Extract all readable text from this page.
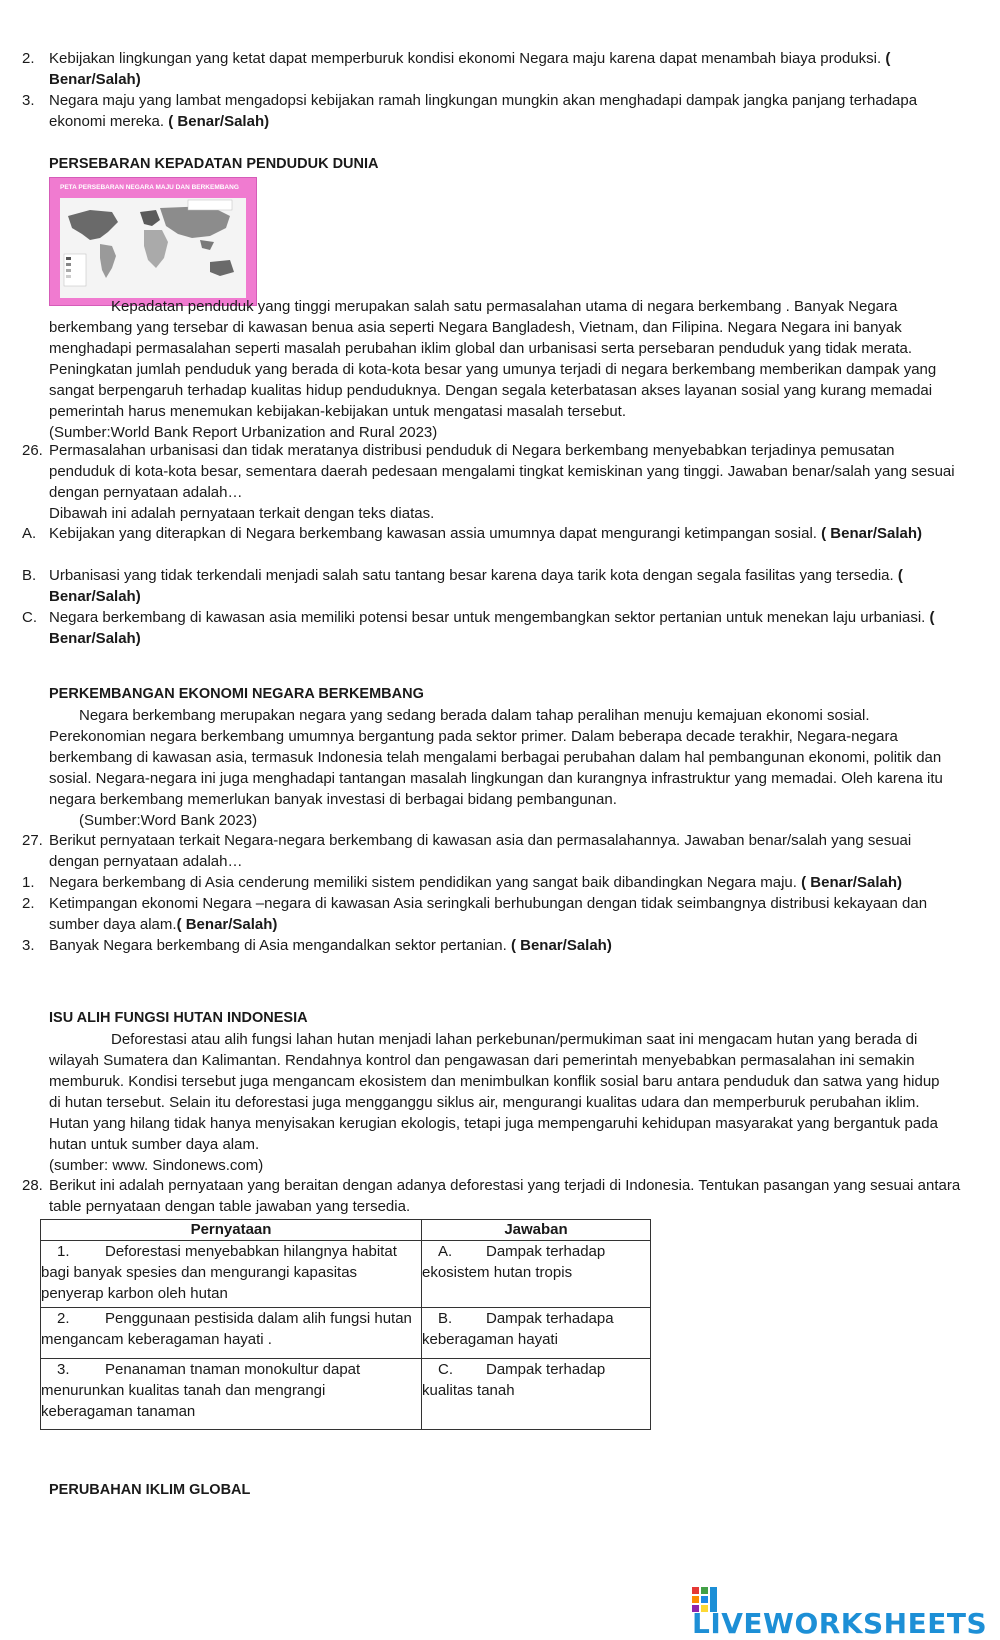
2. Kebijakan lingkungan yang ketat dapat memperburuk kondisi ekonomi Negara maju karena dapat menambah biaya produksi. ( Benar/Salah)
3. Negara maju yang lambat mengadopsi kebijakan ramah lingkungan mungkin akan menghadapi dampak jangka panjang terhadapa ekonomi mereka. ( Benar/Salah)
PERSEBARAN KEPADATAN PENDUDUK DUNIA
PETA PERSEBARAN NEGARA MAJU DAN BERKEMBANG
Kepadatan penduduk yang tinggi merupakan salah satu permasalahan utama di negara berkembang . Banyak Negara berkembang yang tersebar di kawasan benua asia seperti Negara Bangladesh, Vietnam, dan Filipina. Negara Negara ini banyak menghadapi permasalahan seperti masalah perubahan iklim global dan urbanisasi serta persebaran penduduk yang tidak merata. Peningkatan jumlah penduduk yang berada di kota-kota besar yang umunya terjadi di negara berkembang memberikan dampak yang sangat berpengaruh terhadap kualitas hidup penduduknya. Dengan segala keterbatasan akses layanan sosial yang kurang memadai pemerintah harus menemukan kebijakan-kebijakan untuk mengatasi masalah tersebut.
(Sumber:World Bank Report Urbanization and Rural 2023)
26. Permasalahan urbanisasi dan tidak meratanya distribusi penduduk di Negara berkembang menyebabkan terjadinya pemusatan penduduk di kota-kota besar, sementara daerah pedesaan mengalami tingkat kemiskinan yang tinggi. Jawaban benar/salah yang sesuai dengan pernyataan adalah…
Dibawah ini adalah pernyataan terkait dengan teks diatas.
A. Kebijakan yang diterapkan di Negara berkembang kawasan assia umumnya dapat mengurangi ketimpangan sosial. ( Benar/Salah)
B. Urbanisasi yang tidak terkendali menjadi salah satu tantang besar karena daya tarik kota dengan segala fasilitas yang tersedia. ( Benar/Salah)
C. Negara berkembang di kawasan asia memiliki potensi besar untuk mengembangkan sektor pertanian untuk menekan laju urbaniasi. ( Benar/Salah)
PERKEMBANGAN EKONOMI NEGARA BERKEMBANG
Negara berkembang merupakan negara yang sedang berada dalam tahap peralihan menuju kemajuan ekonomi sosial. Perekonomian negara berkembang umumnya bergantung pada sektor primer. Dalam beberapa decade terakhir, Negara-negara berkembang di kawasan asia, termasuk Indonesia telah mengalami berbagai perubahan dalam hal pembangunan ekonomi, politik dan sosial. Negara-negara ini juga menghadapi tantangan masalah lingkungan dan kurangnya infrastruktur yang memadai. Oleh karena itu negara berkembang memerlukan banyak investasi di berbagai bidang pembangunan.
(Sumber:Word Bank 2023)
27. Berikut pernyataan terkait Negara-negara berkembang di kawasan asia dan permasalahannya. Jawaban benar/salah yang sesuai dengan pernyataan adalah…
1. Negara berkembang di Asia cenderung memiliki sistem pendidikan yang sangat baik dibandingkan Negara maju. ( Benar/Salah)
2. Ketimpangan ekonomi Negara –negara di kawasan Asia seringkali berhubungan dengan tidak seimbangnya distribusi kekayaan dan sumber daya alam.( Benar/Salah)
3. Banyak Negara berkembang di Asia mengandalkan sektor pertanian. ( Benar/Salah)
ISU ALIH FUNGSI HUTAN INDONESIA
Deforestasi atau alih fungsi lahan hutan menjadi lahan perkebunan/permukiman saat ini mengacam hutan yang berada di wilayah Sumatera dan Kalimantan. Rendahnya kontrol dan pengawasan dari pemerintah menyebabkan permasalahan ini semakin memburuk. Kondisi tersebut juga mengancam ekosistem dan menimbulkan konflik sosial baru antara penduduk dan satwa yang hidup di hutan tersebut. Selain itu deforestasi juga mengganggu siklus air, mengurangi kualitas udara dan memperburuk perubahan iklim. Hutan yang hilang tidak hanya menyisakan kerugian ekologis, tetapi juga mempengaruhi kehidupan masyarakat yang bergantuk pada hutan untuk sumber daya alam.
(sumber: www. Sindonews.com)
28. Berikut ini adalah pernyataan yang beraitan dengan adanya deforestasi yang terjadi di Indonesia. Tentukan pasangan yang sesuai antara table pernyataan dengan table jawaban yang tersedia.
Pernyataan	Jawaban
1. Deforestasi menyebabkan hilangnya habitat bagi banyak spesies dan mengurangi kapasitas penyerap karbon oleh hutan	A. Dampak terhadap ekosistem hutan tropis
2. Penggunaan pestisida dalam alih fungsi hutan mengancam keberagaman hayati .	B. Dampak terhadapa keberagaman hayati
3. Penanaman tnaman monokultur dapat menurunkan kualitas tanah dan mengrangi keberagaman tanaman	C. Dampak terhadap kualitas tanah
PERUBAHAN IKLIM GLOBAL
LIVEWORKSHEETS
